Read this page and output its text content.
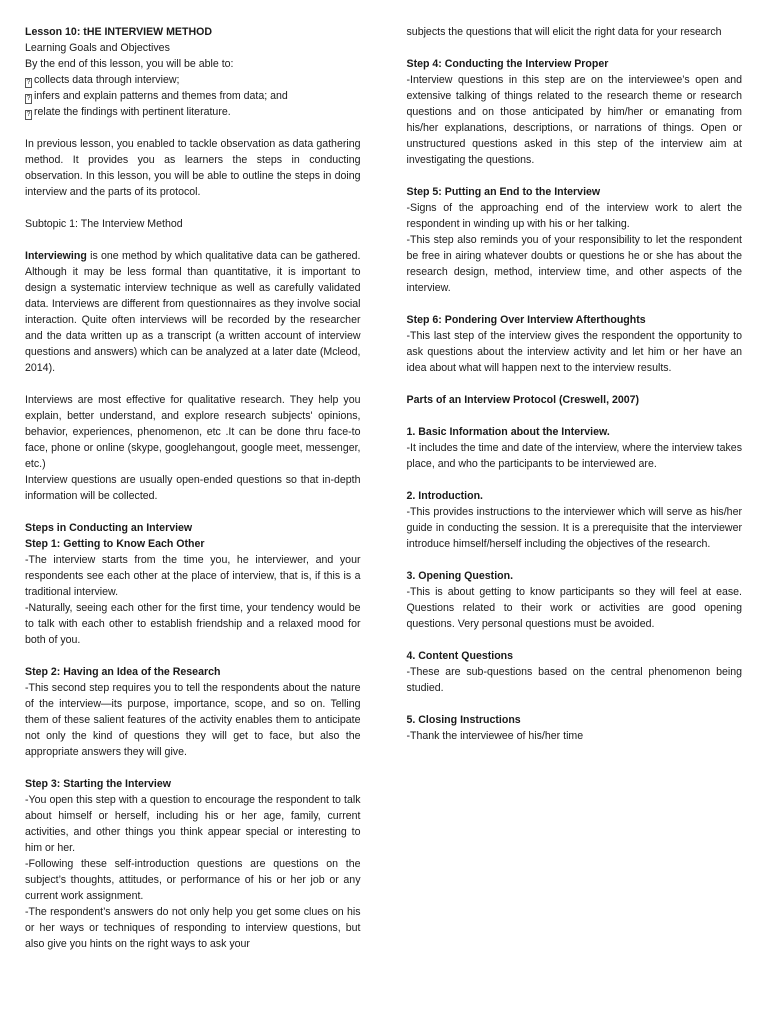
Lesson 10: tHE INTERVIEW METHOD

Learning Goals and Objectives

By the end of this lesson, you will be able to:

? collects data through interview;

? infers and explain patterns and themes from data; and

? relate the findings with pertinent literature.

In previous lesson, you enabled to tackle observation as data gathering method. It provides you as learners the steps in conducting observation. In this lesson, you will be able to outline the steps in doing interview and the parts of its protocol.

Subtopic 1: The Interview Method

Interviewing is one method by which qualitative data can be gathered. Although it may be less formal than quantitative, it is important to design a systematic interview technique as well as carefully validated data. Interviews are different from questionnaires as they involve social interaction. Quite often interviews will be recorded by the researcher and the data written up as a transcript (a written account of interview questions and answers) which can be analyzed at a later date (Mcleod, 2014).

Interviews are most effective for qualitative research. They help you explain, better understand, and explore research subjects' opinions, behavior, experiences, phenomenon, etc .It can be done thru face-to face, phone or online (skype, googlehangout, google meet, messenger, etc.)

Interview questions are usually open-ended questions so that in-depth information will be collected.

Steps in Conducting an Interview

Step 1: Getting to Know Each Other

-The interview starts from the time you, he interviewer, and your respondents see each other at the place of interview, that is, if this is a traditional interview.

-Naturally, seeing each other for the first time, your tendency would be to talk with each other to establish friendship and a relaxed mood for both of you.

Step 2: Having an Idea of the Research

-This second step requires you to tell the respondents about the nature of the interview—its purpose, importance, scope, and so on. Telling them of these salient features of the activity enables them to anticipate not only the kind of questions they will get to face, but also the appropriate answers they will give.

Step 3: Starting the Interview

-You open this step with a question to encourage the respondent to talk about himself or herself, including his or her age, family, current activities, and other things you think appear special or interesting to him or her.

-Following these self-introduction questions are questions on the subject’s thoughts, attitudes, or performance of his or her job or any current work assignment.

-The respondent’s answers do not only help you get some clues on his or her ways or techniques of responding to interview questions, but also give you hints on the right ways to ask your

subjects the questions that will elicit the right data for your research

Step 4: Conducting the Interview Proper

-Interview questions in this step are on the interviewee’s open and extensive talking of things related to the research theme or research questions and on those anticipated by him/her or emanating from his/her explanations, descriptions, or narrations of things. Open or unstructured questions asked in this step of the interview aim at investigating the questions.

Step 5: Putting an End to the Interview

-Signs of the approaching end of the interview work to alert the respondent in winding up with his or her talking.

-This step also reminds you of your responsibility to let the respondent be free in airing whatever doubts or questions he or she has about the research design, method, interview time, and other aspects of the interview.

Step 6: Pondering Over Interview Afterthoughts

-This last step of the interview gives the respondent the opportunity to ask questions about the interview activity and let him or her have an idea about what will happen next to the interview results.

Parts of an Interview Protocol (Creswell, 2007)

1. Basic Information about the Interview.

-It includes the time and date of the interview, where the interview takes place, and who the participants to be interviewed are.

2. Introduction.

-This provides instructions to the interviewer which will serve as his/her guide in conducting the session. It is a prerequisite that the interviewer introduce himself/herself including the objectives of the research.

3. Opening Question.

-This is about getting to know participants so they will feel at ease. Questions related to their work or activities are good opening questions. Very personal questions must be avoided.

4. Content Questions

-These are sub-questions based on the central phenomenon being studied.

5. Closing Instructions

-Thank the interviewee of his/her time
